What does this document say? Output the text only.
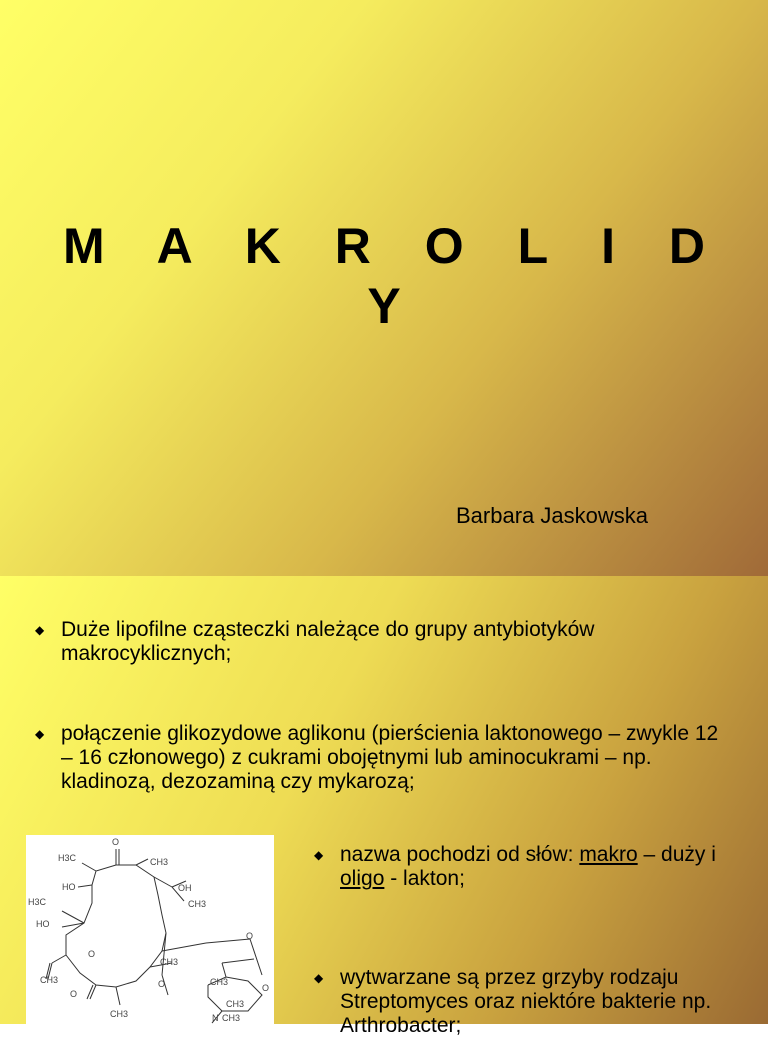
M A K R O L I D Y
Barbara Jaskowska
◆ Duże lipofilne cząsteczki należące do grupy antybiotyków makrocyklicznych;
◆ połączenie glikozydowe aglikonu (pierścienia laktonowego – zwykle 12 – 16 członowego) z cukrami obojętnymi lub aminocukrami – np. kladinozą, dezozaminą czy mykarozą;
◆ nazwa pochodzi od słów: makro – duży i oligo - lakton;
◆ wytwarzane są przez grzyby rodzaju Streptomyces oraz niektóre bakterie np. Arthrobacter;
O
H3C	CH3
HO	OH
H3C	CH3
HO
O
O
CH3
CH3
O
CH3
O	CH3
CH3
N CH3
O
